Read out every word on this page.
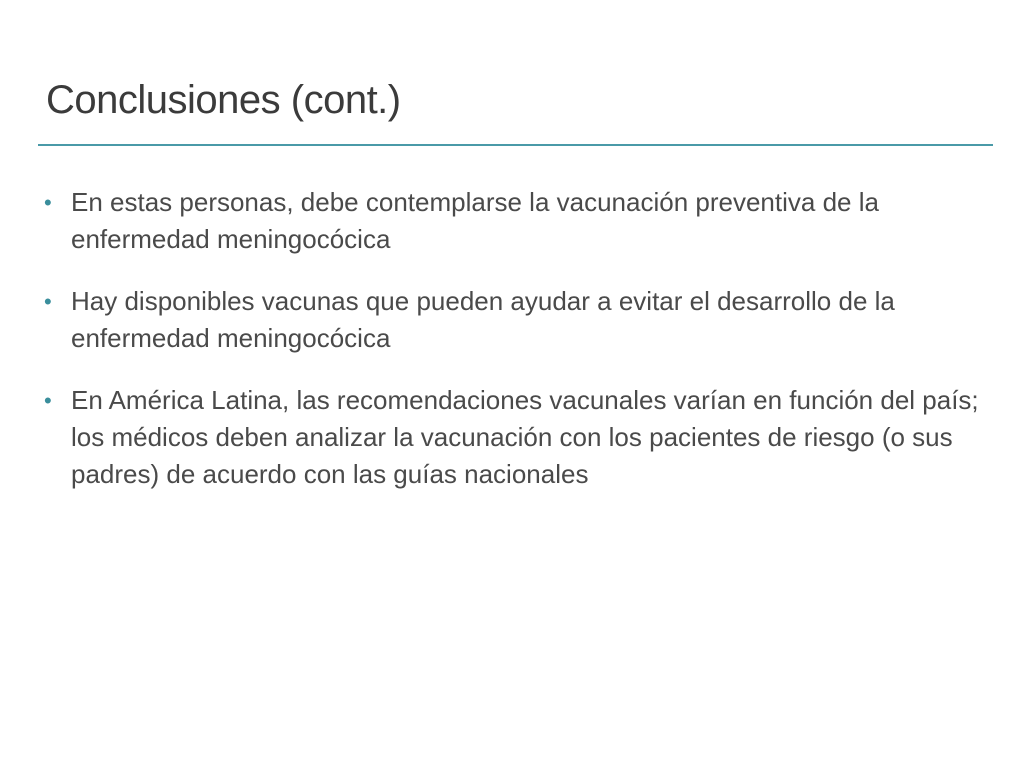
Conclusiones (cont.)
• En estas personas, debe contemplarse la vacunación preventiva de la enfermedad meningocócica
• Hay disponibles vacunas que pueden ayudar a evitar el desarrollo de la enfermedad meningocócica
• En América Latina, las recomendaciones vacunales varían en función del país; los médicos deben analizar la vacunación con los pacientes de riesgo (o sus padres) de acuerdo con las guías nacionales
